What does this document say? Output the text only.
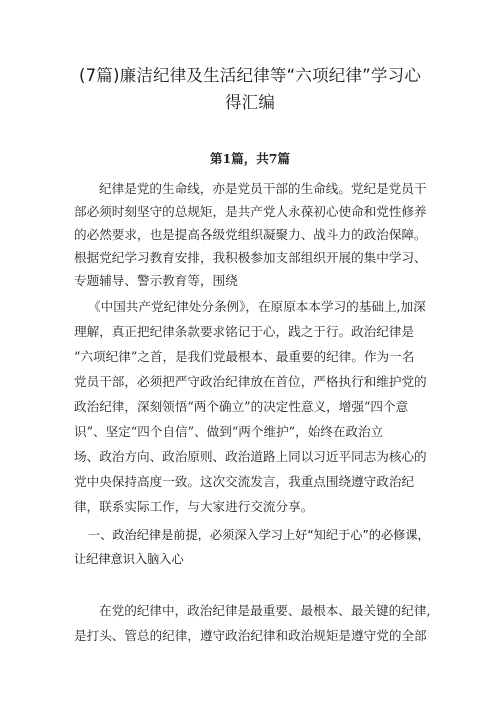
(7篇)廉洁纪律及生活纪律等“六项纪律”学习心
得汇编
第1篇，共7篇
纪律是党的生命线，亦是党员干部的生命线。党纪是党员干
部必须时刻坚守的总规矩，是共产党人永葆初心使命和党性修养
的必然要求，也是提高各级党组织凝聚力、战斗力的政治保障。
根据党纪学习教育安排，我积极参加支部组织开展的集中学习、
专题辅导、警示教育等，围绕
《中国共产党纪律处分条例》，在原原本本学习的基础上,加深
理解，真正把纪律条款要求铭记于心，践之于行。政治纪律是
“六项纪律”之首，是我们党最根本、最重要的纪律。作为一名
党员干部，必须把严守政治纪律放在首位，严格执行和维护党的
政治纪律，深刻领悟“两个确立”的决定性意义，增强“四个意
识”、坚定“四个自信”、做到“两个维护”，始终在政治立
场、政治方向、政治原则、政治道路上同以习近平同志为核心的
党中央保持高度一致。这次交流发言，我重点围绕遵守政治纪
律，联系实际工作，与大家进行交流分享。
一、政治纪律是前提，必须深入学习上好“知纪于心”的必修课，
让纪律意识入脑入心
在党的纪律中，政治纪律是最重要、最根本、最关键的纪律,
是打头、管总的纪律，遵守政治纪律和政治规矩是遵守党的全部
